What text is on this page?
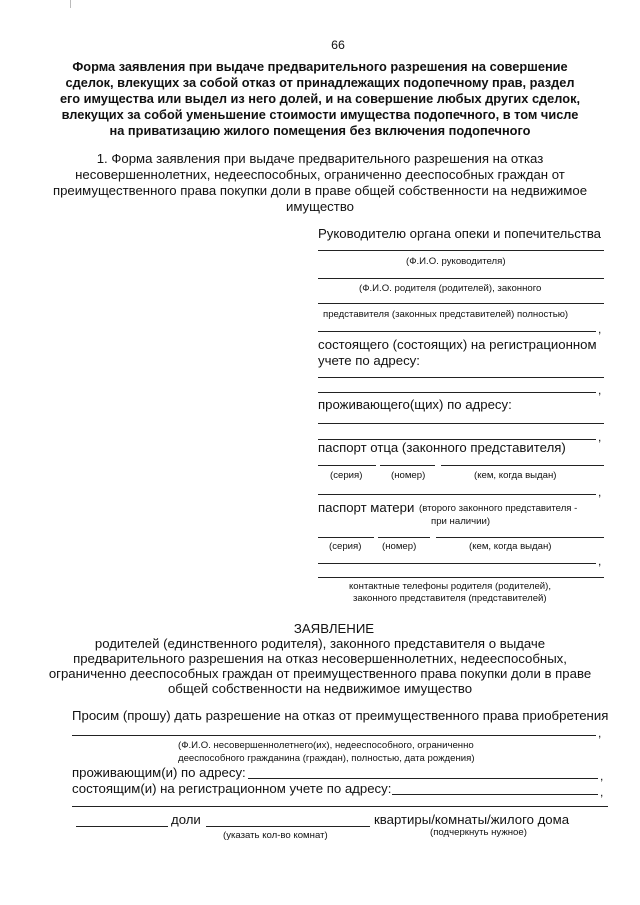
66
Форма заявления при выдаче предварительного разрешения на совершение
сделок, влекущих за собой отказ от принадлежащих подопечному прав, раздел
его имущества или выдел из него долей, и на совершение любых других сделок,
влекущих за собой уменьшение стоимости имущества подопечного, в том числе
на приватизацию жилого помещения без включения подопечного
1. Форма заявления при выдаче предварительного разрешения на отказ
несовершеннолетних, недееспособных, ограниченно дееспособных граждан от
преимущественного права покупки доли в праве общей собственности на недвижимое
имущество
Руководителю органа опеки и попечительства
(Ф.И.О. руководителя)
(Ф.И.О. родителя (родителей), законного
представителя (законных представителей) полностью)
,
состоящего (состоящих) на регистрационном
учете по адресу:
,
проживающего(щих) по адресу:
,
паспорт отца (законного представителя)
(серия)	(номер)	(кем, когда выдан)
,
паспорт матери (второго законного представителя -
при наличии)
(серия) (номер)	(кем, когда выдан)
,
контактные телефоны родителя (родителей),
законного представителя (представителей)
ЗАЯВЛЕНИЕ
родителей (единственного родителя), законного представителя о выдаче
предварительного разрешения на отказ несовершеннолетних, недееспособных,
ограниченно дееспособных граждан от преимущественного права покупки доли в праве
общей собственности на недвижимое имущество
Просим (прошу) дать разрешение на отказ от преимущественного права приобретения
,
(Ф.И.О. несовершеннолетнего(их), недееспособного, ограниченно
дееспособного гражданина (граждан), полностью, дата рождения)
проживающим(и) по адресу:	,
состоящим(и) на регистрационном учете по адресу:	,
доли	квартиры/комнаты/жилого дома
(указать кол-во комнат)	(подчеркнуть нужное)
